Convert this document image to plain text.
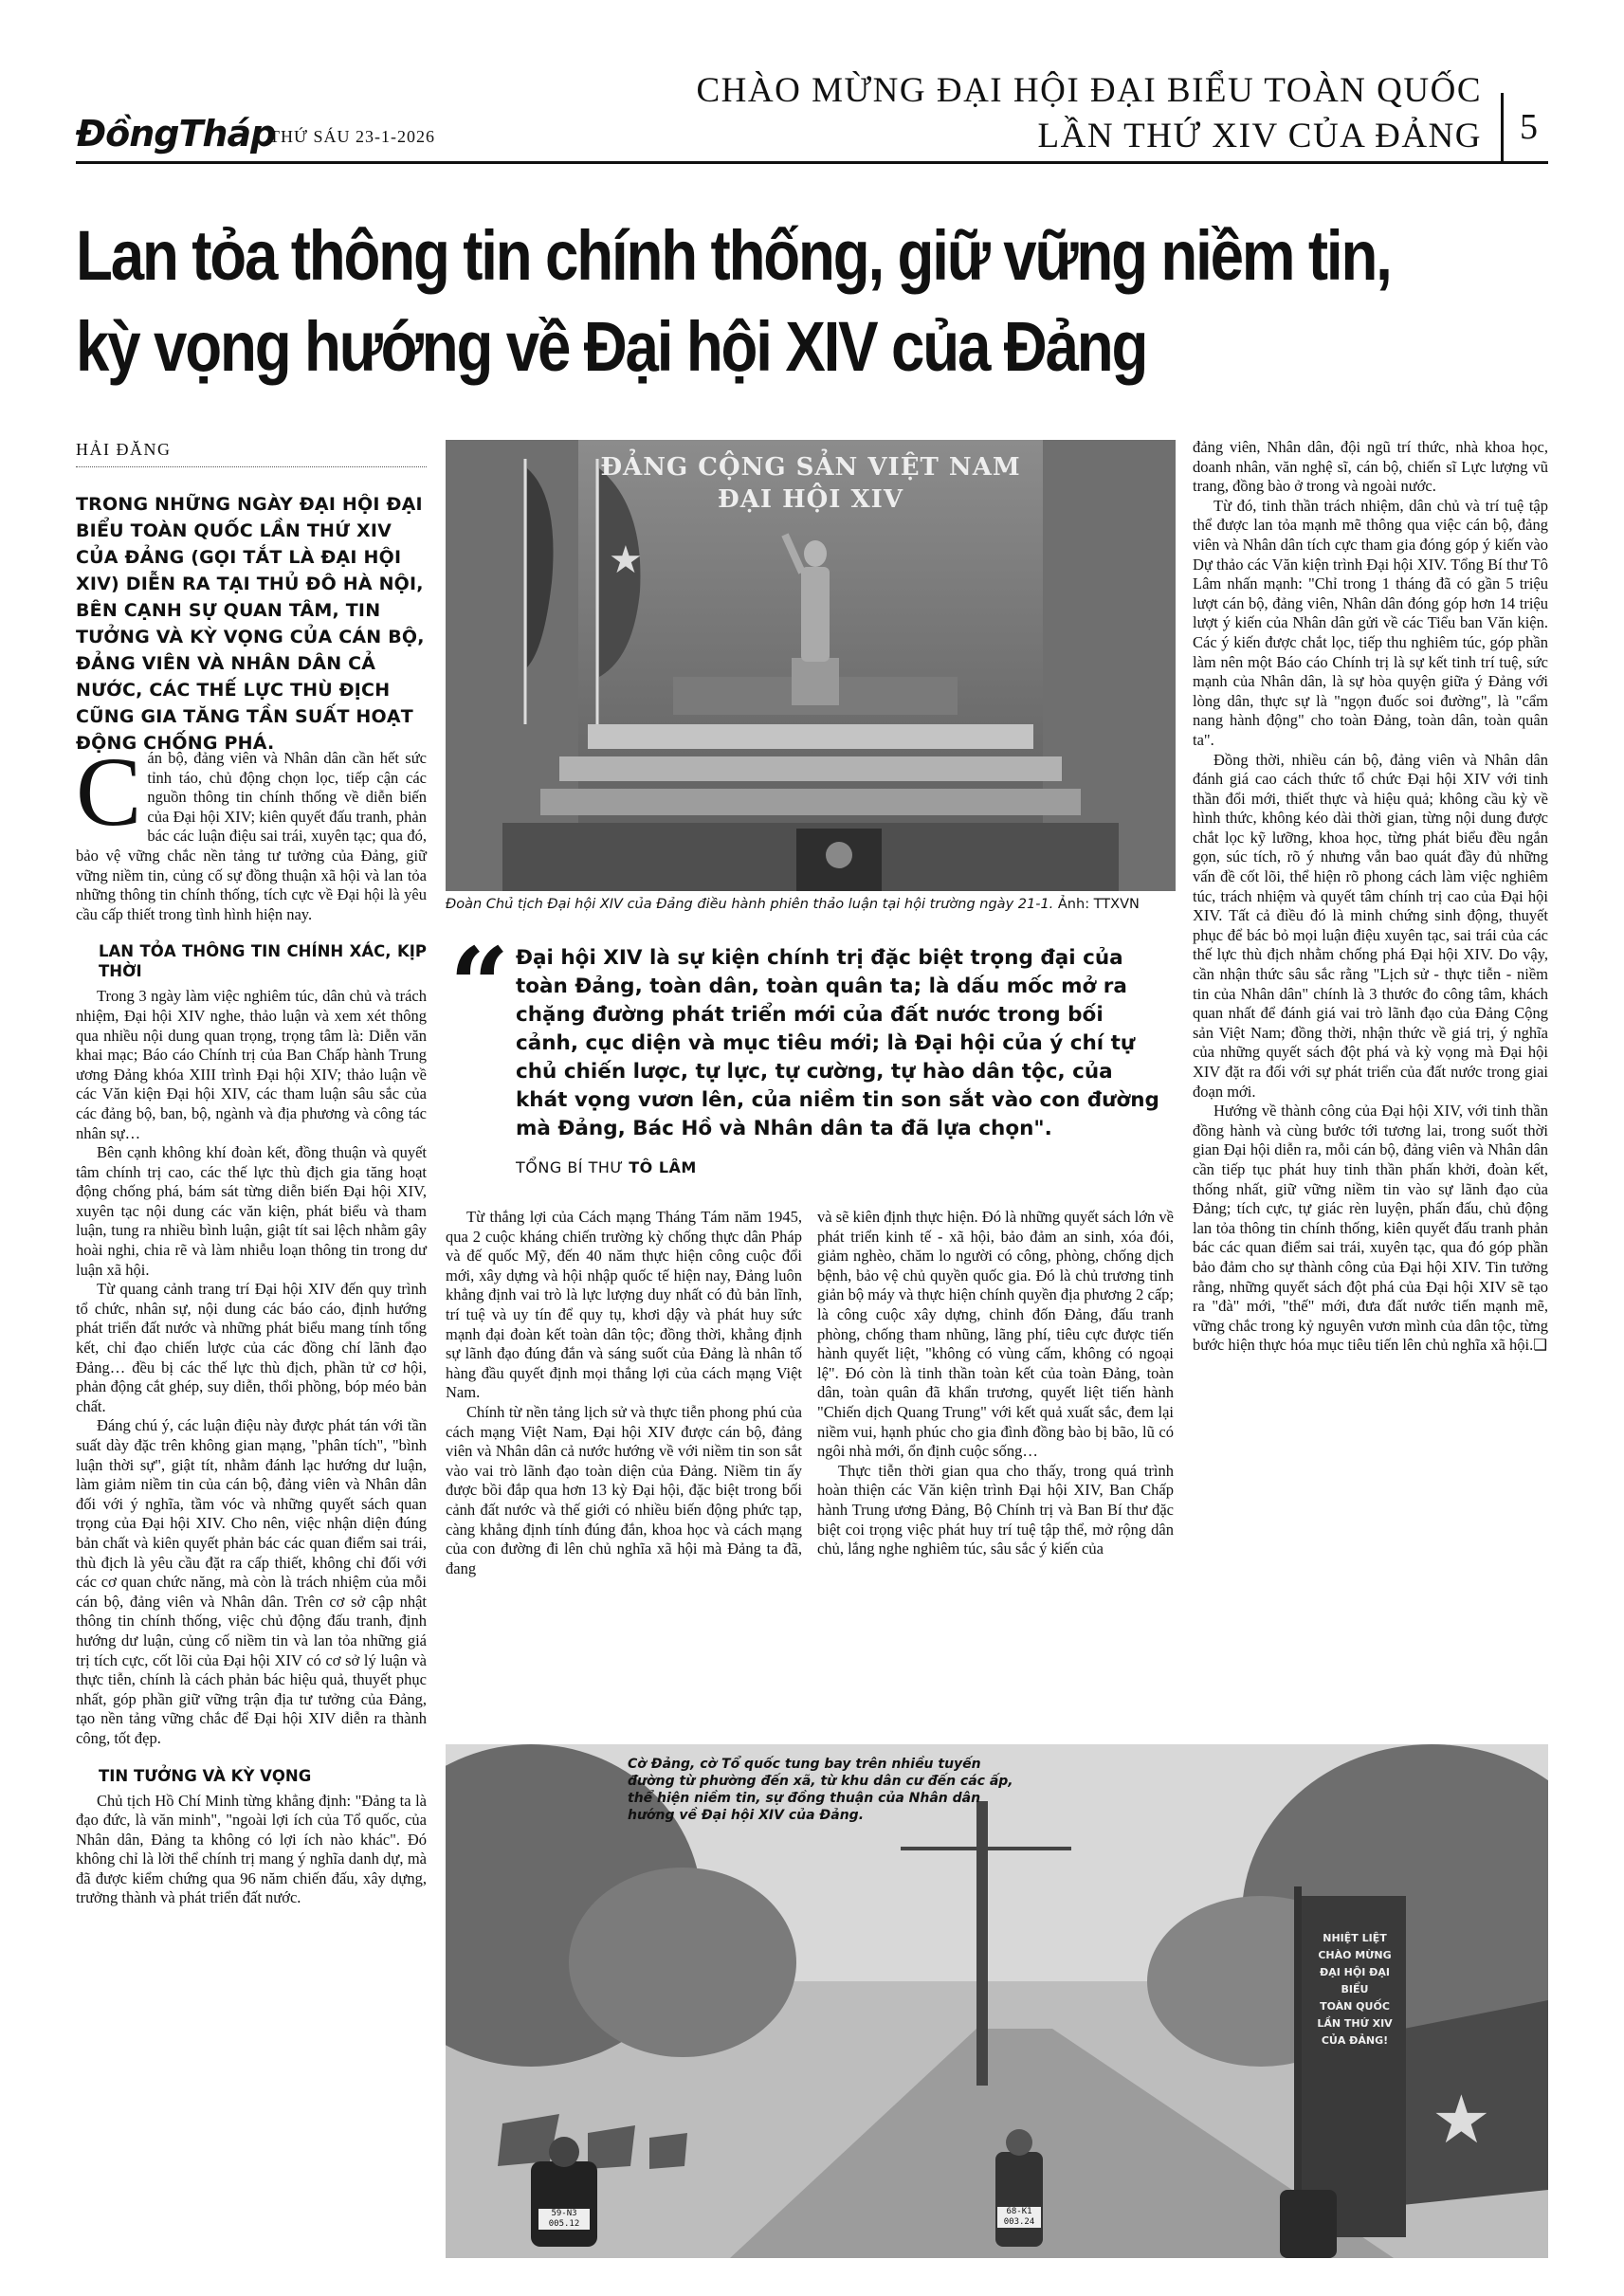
ĐồngTháp
THỨ SÁU 23-1-2026
CHÀO MỪNG ĐẠI HỘI ĐẠI BIỂU TOÀN QUỐC
LẦN THỨ XIV CỦA ĐẢNG	5
Lan tỏa thông tin chính thống, giữ vững niềm tin,
kỳ vọng hướng về Đại hội XIV của Đảng
HẢI ĐĂNG
TRONG NHỮNG NGÀY ĐẠI HỘI ĐẠI BIỂU TOÀN QUỐC LẦN THỨ XIV CỦA ĐẢNG (GỌI TẮT LÀ ĐẠI HỘI XIV) DIỄN RA TẠI THỦ ĐÔ HÀ NỘI, BÊN CẠNH SỰ QUAN TÂM, TIN TƯỞNG VÀ KỲ VỌNG CỦA CÁN BỘ, ĐẢNG VIÊN VÀ NHÂN DÂN CẢ NƯỚC, CÁC THẾ LỰC THÙ ĐỊCH CŨNG GIA TĂNG TẦN SUẤT HOẠT ĐỘNG CHỐNG PHÁ.

Cán bộ, đảng viên và Nhân dân cần hết sức tỉnh táo, chủ động chọn lọc, tiếp cận các nguồn thông tin chính thống về diễn biến của Đại hội XIV; kiên quyết đấu tranh, phản bác các luận điệu sai trái, xuyên tạc; qua đó, bảo vệ vững chắc nền tảng tư tưởng của Đảng, giữ vững niềm tin, củng cố sự đồng thuận xã hội và lan tỏa những thông tin chính thống, tích cực về Đại hội là yêu cầu cấp thiết trong tình hình hiện nay.

LAN TỎA THÔNG TIN CHÍNH XÁC, KỊP THỜI

Trong 3 ngày làm việc nghiêm túc, dân chủ và trách nhiệm, Đại hội XIV nghe, thảo luận và xem xét thông qua nhiều nội dung quan trọng, trọng tâm là: Diễn văn khai mạc; Báo cáo Chính trị của Ban Chấp hành Trung ương Đảng khóa XIII trình Đại hội XIV; thảo luận về các Văn kiện Đại hội XIV, các tham luận sâu sắc của các đảng bộ, ban, bộ, ngành và địa phương và công tác nhân sự…

Bên cạnh không khí đoàn kết, đồng thuận và quyết tâm chính trị cao, các thế lực thù địch gia tăng hoạt động chống phá, bám sát từng diễn biến Đại hội XIV, xuyên tạc nội dung các văn kiện, phát biểu và tham luận, tung ra nhiều bình luận, giật tít sai lệch nhằm gây hoài nghi, chia rẽ và làm nhiễu loạn thông tin trong dư luận xã hội.

Từ quang cảnh trang trí Đại hội XIV đến quy trình tổ chức, nhân sự, nội dung các báo cáo, định hướng phát triển đất nước và những phát biểu mang tính tổng kết, chỉ đạo chiến lược của các đồng chí lãnh đạo Đảng… đều bị các thế lực thù địch, phần tử cơ hội, phản động cắt ghép, suy diễn, thổi phồng, bóp méo bản chất.

Đáng chú ý, các luận điệu này được phát tán với tần suất dày đặc trên không gian mạng, "phân tích", "bình luận thời sự", giật tít, nhằm đánh lạc hướng dư luận, làm giảm niềm tin của cán bộ, đảng viên và Nhân dân đối với ý nghĩa, tầm vóc và những quyết sách quan trọng của Đại hội XIV. Cho nên, việc nhận diện đúng bản chất và kiên quyết phản bác các quan điểm sai trái, thù địch là yêu cầu đặt ra cấp thiết, không chỉ đối với các cơ quan chức năng, mà còn là trách nhiệm của mỗi cán bộ, đảng viên và Nhân dân. Trên cơ sở cập nhật thông tin chính thống, việc chủ động đấu tranh, định hướng dư luận, củng cố niềm tin và lan tỏa những giá trị tích cực, cốt lõi của Đại hội XIV có cơ sở lý luận và thực tiễn, chính là cách phản bác hiệu quả, thuyết phục nhất, góp phần giữ vững trận địa tư tưởng của Đảng, tạo nền tảng vững chắc để Đại hội XIV diễn ra thành công, tốt đẹp.

TIN TƯỞNG VÀ KỲ VỌNG

Chủ tịch Hồ Chí Minh từng khẳng định: "Đảng ta là đạo đức, là văn minh", "ngoài lợi ích của Tổ quốc, của Nhân dân, Đảng ta không có lợi ích nào khác". Đó không chỉ là lời thể chính trị mang ý nghĩa danh dự, mà đã được kiểm chứng qua 96 năm chiến đấu, xây dựng, trưởng thành và phát triển đất nước.

★
ĐẢNG CỘNG SẢN VIỆT NAM
ĐẠI HỘI XIV
Đoàn Chủ tịch Đại hội XIV của Đảng điều hành phiên thảo luận tại hội trường ngày 21-1. Ảnh: TTXVN
“ Đại hội XIV là sự kiện chính trị đặc biệt trọng đại của toàn Đảng, toàn dân, toàn quân ta; là dấu mốc mở ra chặng đường phát triển mới của đất nước trong bối cảnh, cục diện và mục tiêu mới; là Đại hội của ý chí tự chủ chiến lược, tự lực, tự cường, tự hào dân tộc, của khát vọng vươn lên, của niềm tin son sắt vào con đường mà Đảng, Bác Hồ và Nhân dân ta đã lựa chọn".
TỔNG BÍ THƯ TÔ LÂM

Từ thắng lợi của Cách mạng Tháng Tám năm 1945, qua 2 cuộc kháng chiến trường kỳ chống thực dân Pháp và đế quốc Mỹ, đến 40 năm thực hiện công cuộc đổi mới, xây dựng và hội nhập quốc tế hiện nay, Đảng luôn khẳng định vai trò là lực lượng duy nhất có đủ bản lĩnh, trí tuệ và uy tín để quy tụ, khơi dậy và phát huy sức mạnh đại đoàn kết toàn dân tộc; đồng thời, khẳng định sự lãnh đạo đúng đắn và sáng suốt của Đảng là nhân tố hàng đầu quyết định mọi thắng lợi của cách mạng Việt Nam.

Chính từ nền tảng lịch sử và thực tiễn phong phú của cách mạng Việt Nam, Đại hội XIV được cán bộ, đảng viên và Nhân dân cả nước hướng về với niềm tin son sắt vào vai trò lãnh đạo toàn diện của Đảng. Niềm tin ấy được bồi đắp qua hơn 13 kỳ Đại hội, đặc biệt trong bối cảnh đất nước và thế giới có nhiều biến động phức tạp, càng khẳng định tính đúng đắn, khoa học và cách mạng của con đường đi lên chủ nghĩa xã hội mà Đảng ta đã, đang

và sẽ kiên định thực hiện. Đó là những quyết sách lớn về phát triển kinh tế - xã hội, bảo đảm an sinh, xóa đói, giảm nghèo, chăm lo người có công, phòng, chống dịch bệnh, bảo vệ chủ quyền quốc gia. Đó là chủ trương tinh giản bộ máy và thực hiện chính quyền địa phương 2 cấp; là công cuộc xây dựng, chỉnh đốn Đảng, đấu tranh phòng, chống tham nhũng, lãng phí, tiêu cực được tiến hành quyết liệt, "không có vùng cấm, không có ngoại lệ". Đó còn là tinh thần toàn kết của toàn Đảng, toàn dân, toàn quân đã khẩn trương, quyết liệt tiến hành "Chiến dịch Quang Trung" với kết quả xuất sắc, đem lại niềm vui, hạnh phúc cho gia đình đồng bào bị bão, lũ có ngôi nhà mới, ổn định cuộc sống…

Thực tiễn thời gian qua cho thấy, trong quá trình hoàn thiện các Văn kiện trình Đại hội XIV, Ban Chấp hành Trung ương Đảng, Bộ Chính trị và Ban Bí thư đặc biệt coi trọng việc phát huy trí tuệ tập thể, mở rộng dân chủ, lắng nghe nghiêm túc, sâu sắc ý kiến của

đảng viên, Nhân dân, đội ngũ trí thức, nhà khoa học, doanh nhân, văn nghệ sĩ, cán bộ, chiến sĩ Lực lượng vũ trang, đồng bào ở trong và ngoài nước.

Từ đó, tinh thần trách nhiệm, dân chủ và trí tuệ tập thể được lan tỏa mạnh mẽ thông qua việc cán bộ, đảng viên và Nhân dân tích cực tham gia đóng góp ý kiến vào Dự thảo các Văn kiện trình Đại hội XIV. Tổng Bí thư Tô Lâm nhấn mạnh: "Chỉ trong 1 tháng đã có gần 5 triệu lượt cán bộ, đảng viên, Nhân dân đóng góp hơn 14 triệu lượt ý kiến của Nhân dân gửi về các Tiểu ban Văn kiện. Các ý kiến được chắt lọc, tiếp thu nghiêm túc, góp phần làm nên một Báo cáo Chính trị là sự kết tinh trí tuệ, sức mạnh của Nhân dân, là sự hòa quyện giữa ý Đảng với lòng dân, thực sự là "ngọn đuốc soi đường", là "cẩm nang hành động" cho toàn Đảng, toàn dân, toàn quân ta".

Đồng thời, nhiều cán bộ, đảng viên và Nhân dân đánh giá cao cách thức tổ chức Đại hội XIV với tinh thần đổi mới, thiết thực và hiệu quả; không cầu kỳ về hình thức, không kéo dài thời gian, từng nội dung được chắt lọc kỹ lưỡng, khoa học, từng phát biểu đều ngắn gọn, súc tích, rõ ý nhưng vẫn bao quát đầy đủ những vấn đề cốt lõi, thể hiện rõ phong cách làm việc nghiêm túc, trách nhiệm và quyết tâm chính trị cao của Đại hội XIV. Tất cả điều đó là minh chứng sinh động, thuyết phục để bác bỏ mọi luận điệu xuyên tạc, sai trái của các thế lực thù địch nhằm chống phá Đại hội XIV. Do vậy, cần nhận thức sâu sắc rằng "Lịch sử - thực tiễn - niềm tin của Nhân dân" chính là 3 thước đo công tâm, khách quan nhất để đánh giá vai trò lãnh đạo của Đảng Cộng sản Việt Nam; đồng thời, nhận thức về giá trị, ý nghĩa của những quyết sách đột phá và kỳ vọng mà Đại hội XIV đặt ra đối với sự phát triển của đất nước trong giai đoạn mới.

Hướng về thành công của Đại hội XIV, với tinh thần đồng hành và cùng bước tới tương lai, trong suốt thời gian Đại hội diễn ra, mỗi cán bộ, đảng viên và Nhân dân cần tiếp tục phát huy tinh thần phấn khởi, đoàn kết, thống nhất, giữ vững niềm tin vào sự lãnh đạo của Đảng; tích cực, tự giác rèn luyện, phấn đấu, chủ động lan tỏa thông tin chính thống, kiên quyết đấu tranh phản bác các quan điểm sai trái, xuyên tạc, qua đó góp phần bảo đảm cho sự thành công của Đại hội XIV. Tin tưởng rằng, những quyết sách đột phá của Đại hội XIV sẽ tạo ra "đà" mới, "thế" mới, đưa đất nước tiến mạnh mẽ, vững chắc trong kỷ nguyên vươn mình của dân tộc, từng bước hiện thực hóa mục tiêu tiến lên chủ nghĩa xã hội.❑

★
NHIỆT LIỆT
CHÀO MỪNG
ĐẠI HỘI ĐẠI BIỂU
TOÀN QUỐC
LẦN THỨ XIV
CỦA ĐẢNG!
59-N3
005.12
68-K1
003.24
Cờ Đảng, cờ Tổ quốc tung bay trên nhiều tuyến đường từ phường đến xã, từ khu dân cư đến các ấp, thể hiện niềm tin, sự đồng thuận của Nhân dân hướng về Đại hội XIV của Đảng.
